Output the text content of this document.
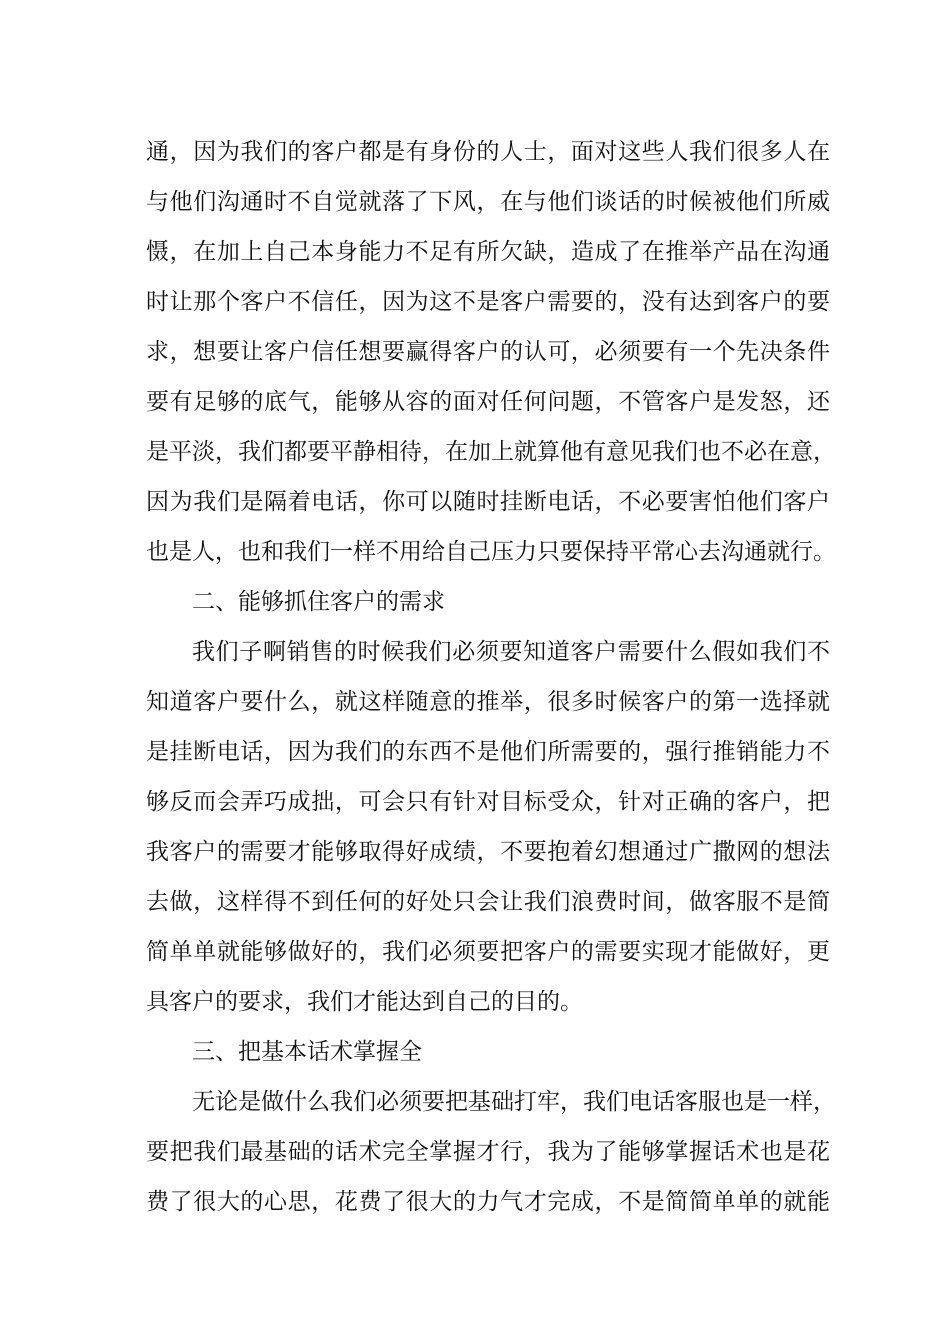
通，因为我们的客户都是有身份的人士，面对这些人我们很多人在
与他们沟通时不自觉就落了下风，在与他们谈话的时候被他们所威
慑，在加上自己本身能力不足有所欠缺，造成了在推举产品在沟通
时让那个客户不信任，因为这不是客户需要的，没有达到客户的要
求，想要让客户信任想要赢得客户的认可，必须要有一个先决条件
要有足够的底气，能够从容的面对任何问题，不管客户是发怒，还
是平淡，我们都要平静相待，在加上就算他有意见我们也不必在意，
因为我们是隔着电话，你可以随时挂断电话，不必要害怕他们客户
也是人，也和我们一样不用给自己压力只要保持平常心去沟通就行。
二、能够抓住客户的需求
我们子啊销售的时候我们必须要知道客户需要什么假如我们不
知道客户要什么，就这样随意的推举，很多时候客户的第一选择就
是挂断电话，因为我们的东西不是他们所需要的，强行推销能力不
够反而会弄巧成拙，可会只有针对目标受众，针对正确的客户，把
我客户的需要才能够取得好成绩，不要抱着幻想通过广撒网的想法
去做，这样得不到任何的好处只会让我们浪费时间，做客服不是简
简单单就能够做好的，我们必须要把客户的需要实现才能做好，更
具客户的要求，我们才能达到自己的目的。
三、把基本话术掌握全
无论是做什么我们必须要把基础打牢，我们电话客服也是一样，
要把我们最基础的话术完全掌握才行，我为了能够掌握话术也是花
费了很大的心思，花费了很大的力气才完成，不是简简单单的就能
